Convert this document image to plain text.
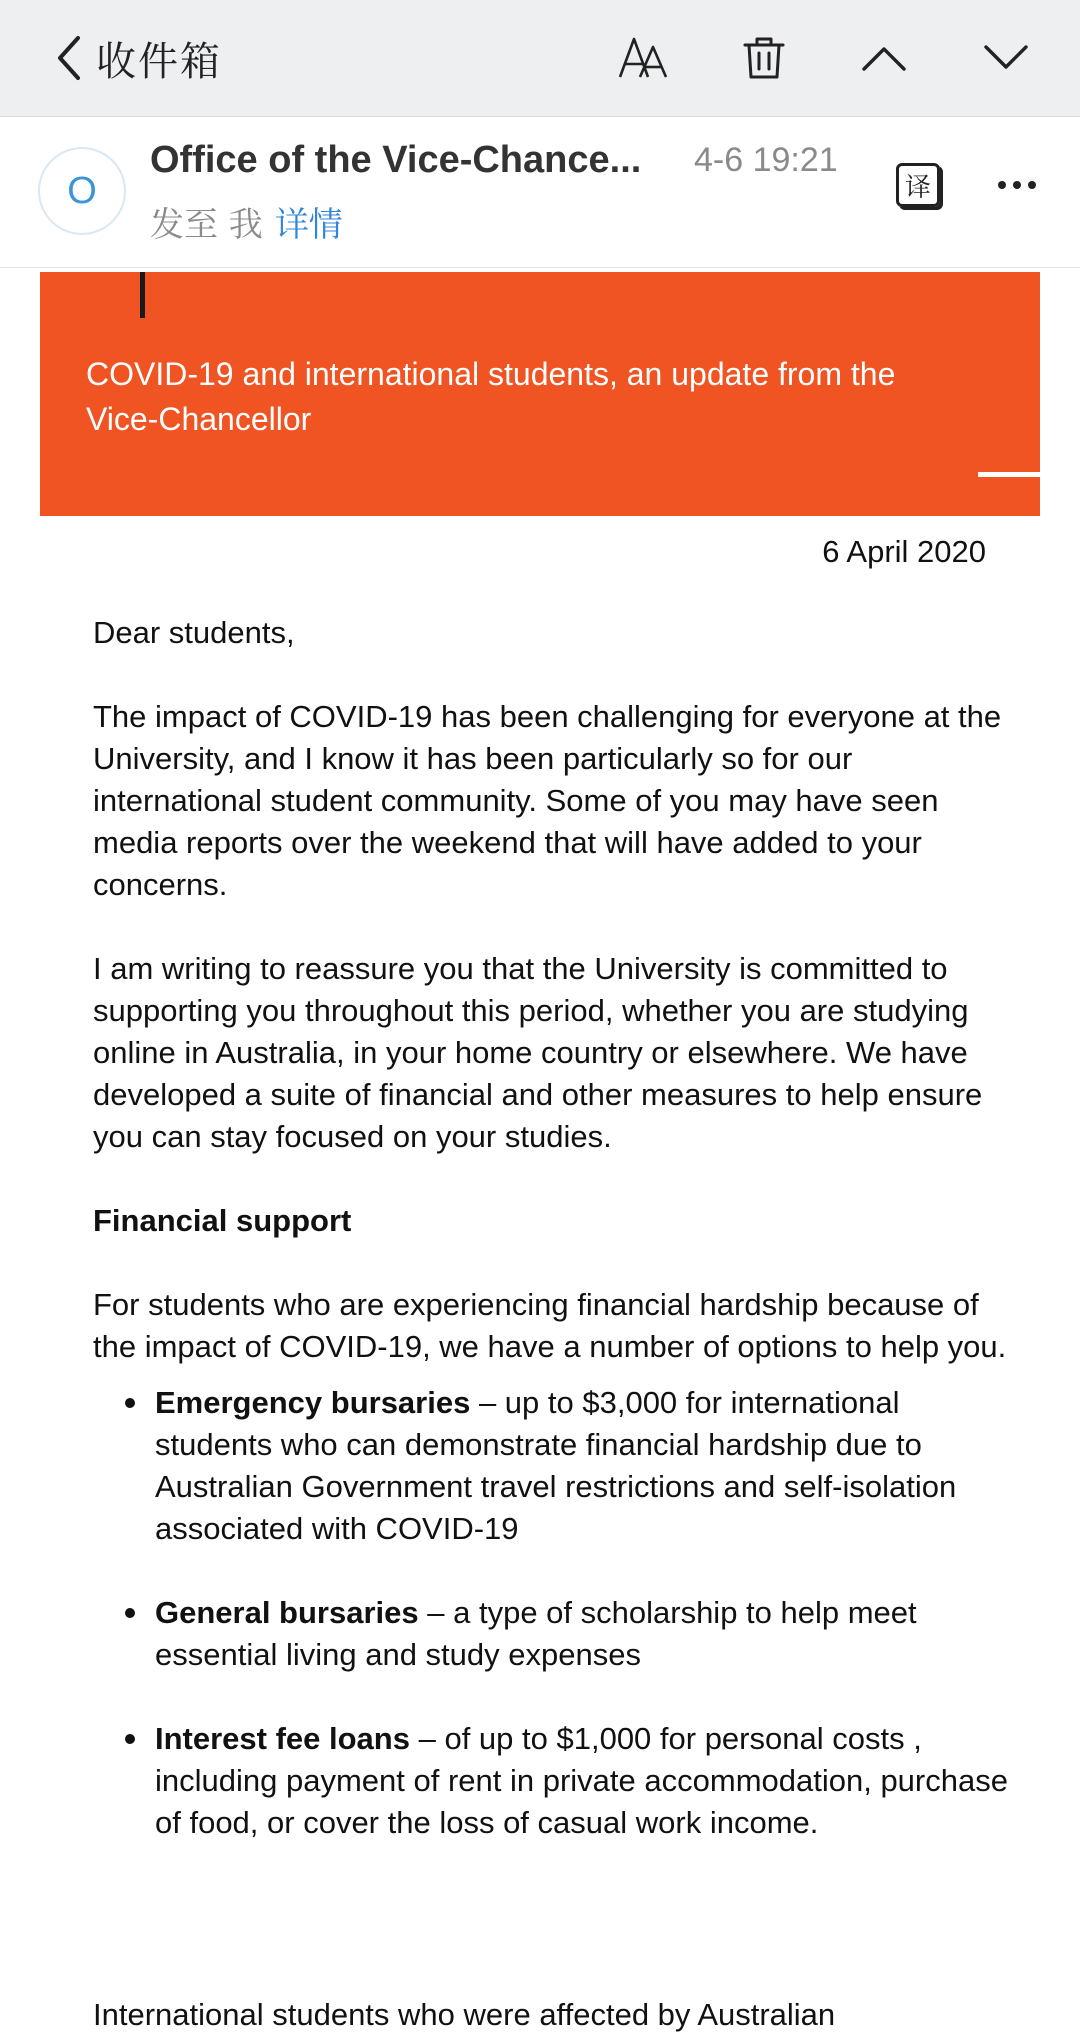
收件箱
O
Office of the Vice-Chance...	4-6 19:21
发至 我 详情
译
COVID-19 and international students, an update from the Vice-Chancellor
6 April 2020

Dear students,

The impact of COVID-19 has been challenging for everyone at the University, and I know it has been particularly so for our international student community. Some of you may have seen media reports over the weekend that will have added to your concerns.

I am writing to reassure you that the University is committed to supporting you throughout this period, whether you are studying online in Australia, in your home country or elsewhere. We have developed a suite of financial and other measures to help ensure you can stay focused on your studies.

Financial support

For students who are experiencing financial hardship because of the impact of COVID-19, we have a number of options to help you.

Emergency bursaries – up to $3,000 for international students who can demonstrate financial hardship due to Australian Government travel restrictions and self-isolation associated with COVID-19
General bursaries – a type of scholarship to help meet essential living and study expenses
Interest fee loans – of up to $1,000 for personal costs , including payment of rent in private accommodation, purchase of food, or cover the loss of casual work income.
International students who were affected by Australian
